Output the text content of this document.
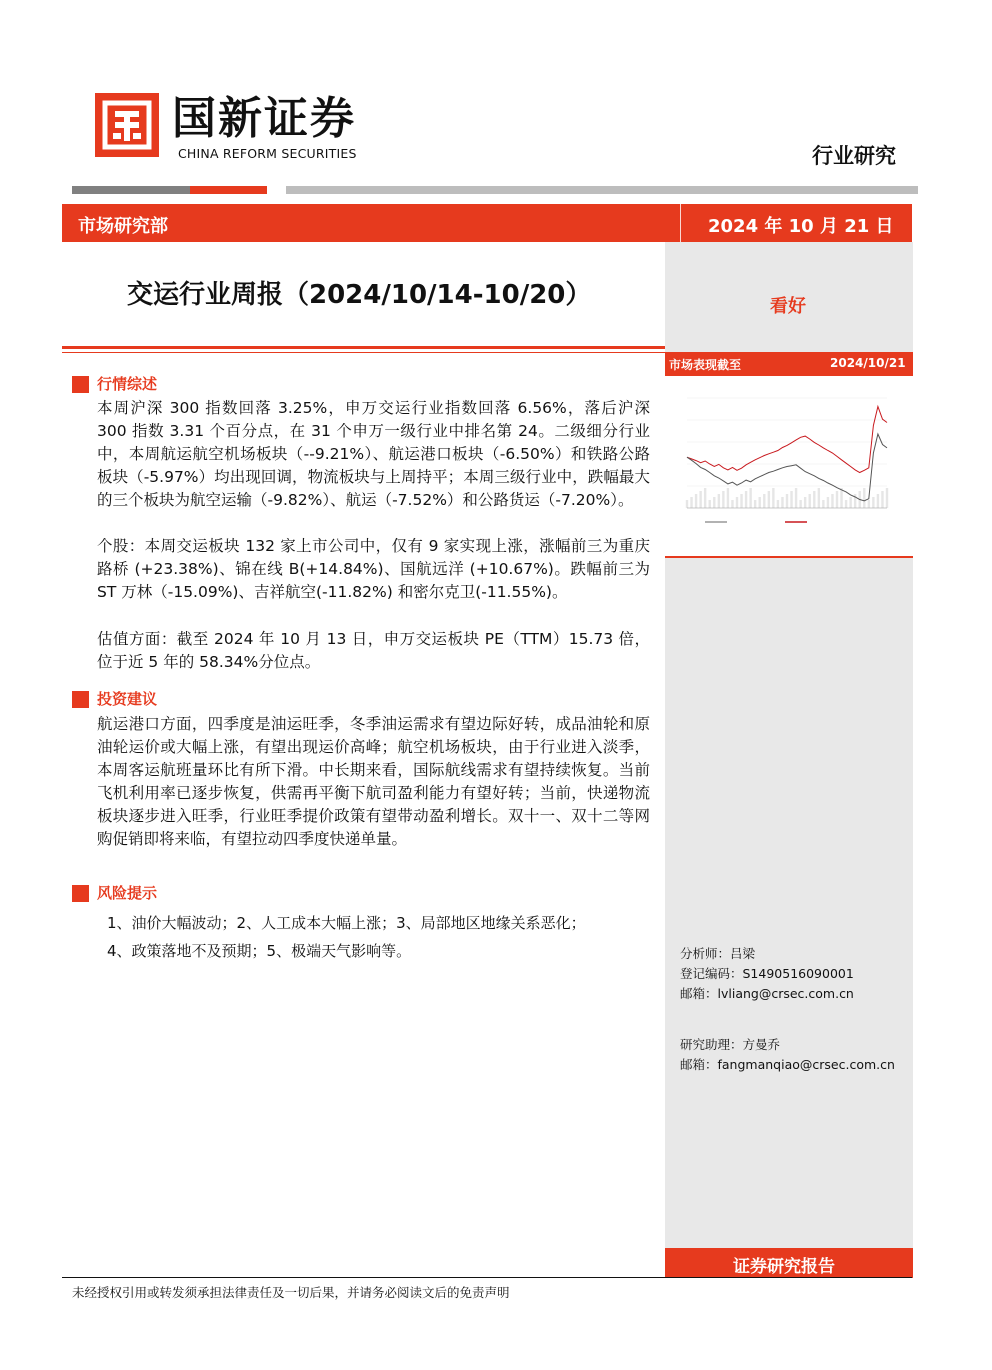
国新证券
CHINA REFORM SECURITIES	行业研究
市场研究部	2024 年 10 月 21 日
看好
市场表现截至	2024/10/21
分析师：吕梁
登记编码：S1490516090001
邮箱：lvliang@crsec.com.cn
研究助理：方曼乔
邮箱：fangmanqiao@crsec.com.cn
交运行业周报（2024/10/14-10/20）
行情综述

本周沪深 300 指数回落 3.25%，申万交运行业指数回落 6.56%，落后沪深 300 指数 3.31 个百分点，在 31 个申万一级行业中排名第 24。二级细分行业中，本周航运航空机场板块（--9.21%）、航运港口板块（-6.50%）和铁路公路板块（-5.97%）均出现回调，物流板块与上周持平；本周三级行业中，跌幅最大的三个板块为航空运输（-9.82%）、航运（-7.52%）和公路货运（-7.20%）。

个股：本周交运板块 132 家上市公司中，仅有 9 家实现上涨，涨幅前三为重庆路桥 (+23.38%)、锦在线 B(+14.84%)、国航远洋 (+10.67%)。跌幅前三为 ST 万林（-15.09%)、吉祥航空(-11.82%) 和密尔克卫(-11.55%)。

估值方面：截至 2024 年 10 月 13 日，申万交运板块 PE（TTM）15.73 倍，位于近 5 年的 58.34%分位点。

投资建议

航运港口方面，四季度是油运旺季，冬季油运需求有望边际好转，成品油轮和原油轮运价或大幅上涨，有望出现运价高峰；航空机场板块，由于行业进入淡季，本周客运航班量环比有所下滑。中长期来看，国际航线需求有望持续恢复。当前飞机利用率已逐步恢复，供需再平衡下航司盈利能力有望好转；当前，快递物流板块逐步进入旺季，行业旺季提价政策有望带动盈利增长。双十一、双十二等网购促销即将来临，有望拉动四季度快递单量。

风险提示
1、油价大幅波动；2、人工成本大幅上涨；3、局部地区地缘关系恶化；
4、政策落地不及预期；5、极端天气影响等。
证券研究报告
未经授权引用或转发须承担法律责任及一切后果，并请务必阅读文后的免责声明
